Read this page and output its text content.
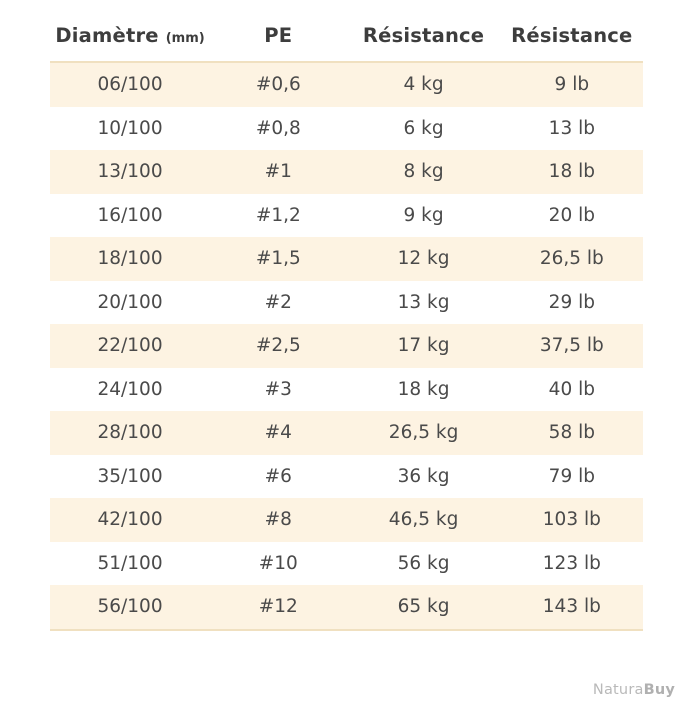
Diamètre (mm)	PE	Résistance	Résistance
06/100	#0,6	4 kg	9 lb
10/100	#0,8	6 kg	13 lb
13/100	#1	8 kg	18 lb
16/100	#1,2	9 kg	20 lb
18/100	#1,5	12 kg	26,5 lb
20/100	#2	13 kg	29 lb
22/100	#2,5	17 kg	37,5 lb
24/100	#3	18 kg	40 lb
28/100	#4	26,5 kg	58 lb
35/100	#6	36 kg	79 lb
42/100	#8	46,5 kg	103 lb
51/100	#10	56 kg	123 lb
56/100	#12	65 kg	143 lb
NaturaBuy
